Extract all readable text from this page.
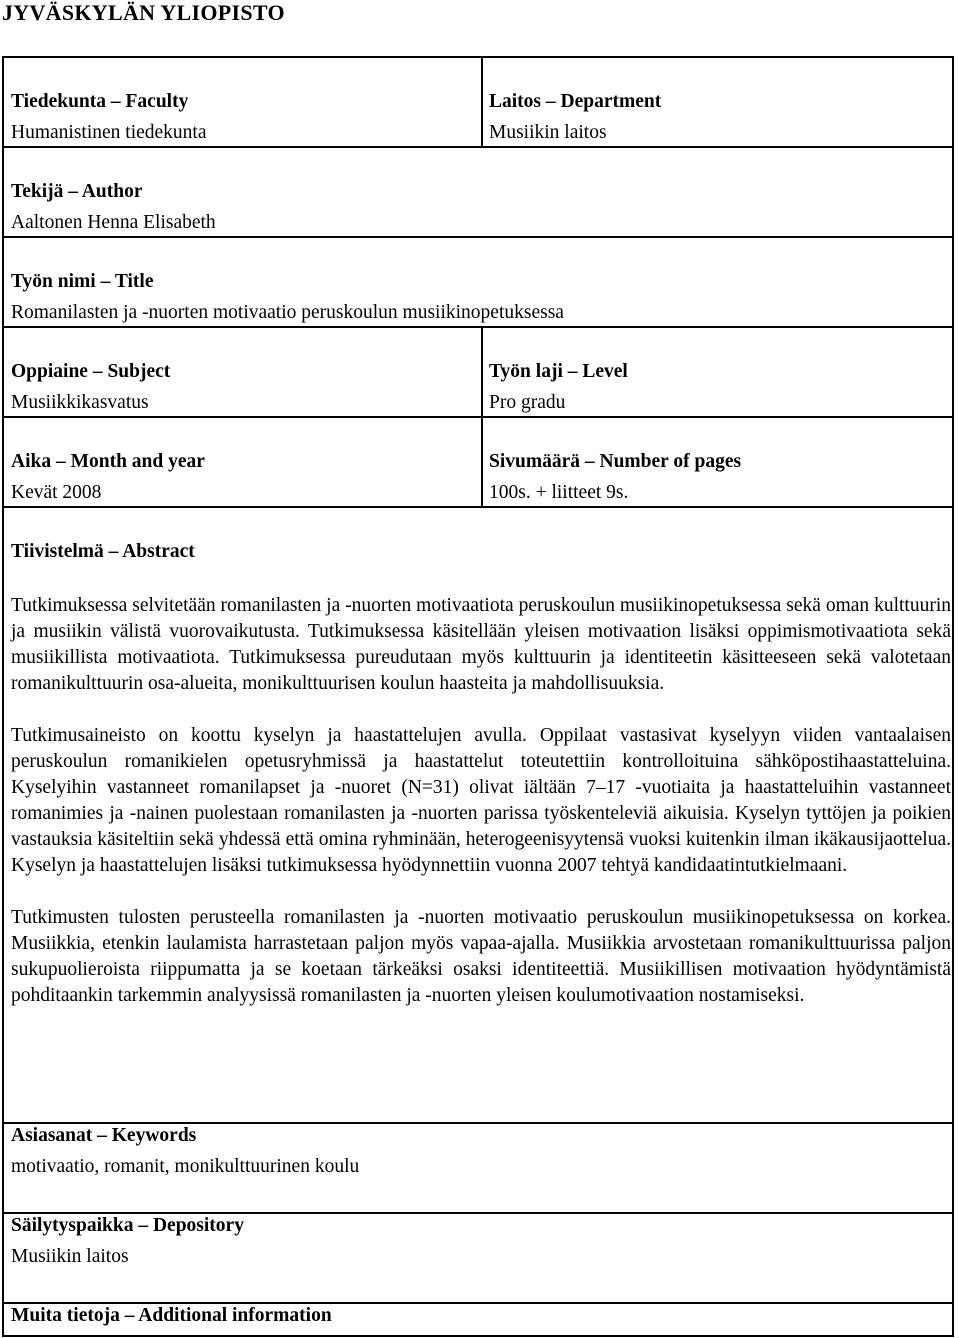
JYVÄSKYLÄN YLIOPISTO
Tiedekunta – Faculty
Humanistinen tiedekunta
Laitos – Department
Musiikin laitos
Tekijä – Author
Aaltonen Henna Elisabeth
Työn nimi – Title
Romanilasten ja -nuorten motivaatio peruskoulun musiikinopetuksessa
Oppiaine – Subject
Musiikkikasvatus
Työn laji – Level
Pro gradu
Aika – Month and year
Kevät 2008
Sivumäärä – Number of pages
100s. + liitteet 9s.
Tiivistelmä – Abstract

Tutkimuksessa selvitetään romanilasten ja -nuorten motivaatiota peruskoulun musiikinopetuksessa sekä oman kulttuurin ja musiikin välistä vuorovaikutusta. Tutkimuksessa käsitellään yleisen motivaation lisäksi oppimismotivaatiota sekä musiikillista motivaatiota. Tutkimuksessa pureudutaan myös kulttuurin ja identiteetin käsitteeseen sekä valotetaan romanikulttuurin osa-alueita, monikulttuurisen koulun haasteita ja mahdollisuuksia.

Tutkimusaineisto on koottu kyselyn ja haastattelujen avulla. Oppilaat vastasivat kyselyyn viiden vantaalaisen peruskoulun romanikielen opetusryhmissä ja haastattelut toteutettiin kontrolloituina sähköpostihaastatteluina. Kyselyihin vastanneet romanilapset ja -nuoret (N=31) olivat iältään 7–17 -vuotiaita ja haastatteluihin vastanneet romanimies ja -nainen puolestaan romanilasten ja -nuorten parissa työskenteleviä aikuisia. Kyselyn tyttöjen ja poikien vastauksia käsiteltiin sekä yhdessä että omina ryhminään, heterogeenisyytensä vuoksi kuitenkin ilman ikäkausijaottelua. Kyselyn ja haastattelujen lisäksi tutkimuksessa hyödynnettiin vuonna 2007 tehtyä kandidaatintutkielmaani.

Tutkimusten tulosten perusteella romanilasten ja -nuorten motivaatio peruskoulun musiikinopetuksessa on korkea. Musiikkia, etenkin laulamista harrastetaan paljon myös vapaa-ajalla. Musiikkia arvostetaan romanikulttuurissa paljon sukupuolieroista riippumatta ja se koetaan tärkeäksi osaksi identiteettiä. Musiikillisen motivaation hyödyntämistä pohditaankin tarkemmin analyysissä romanilasten ja -nuorten yleisen koulumotivaation nostamiseksi.

Asiasanat – Keywords
motivaatio, romanit, monikulttuurinen koulu
Säilytyspaikka – Depository
Musiikin laitos
Muita tietoja – Additional information
